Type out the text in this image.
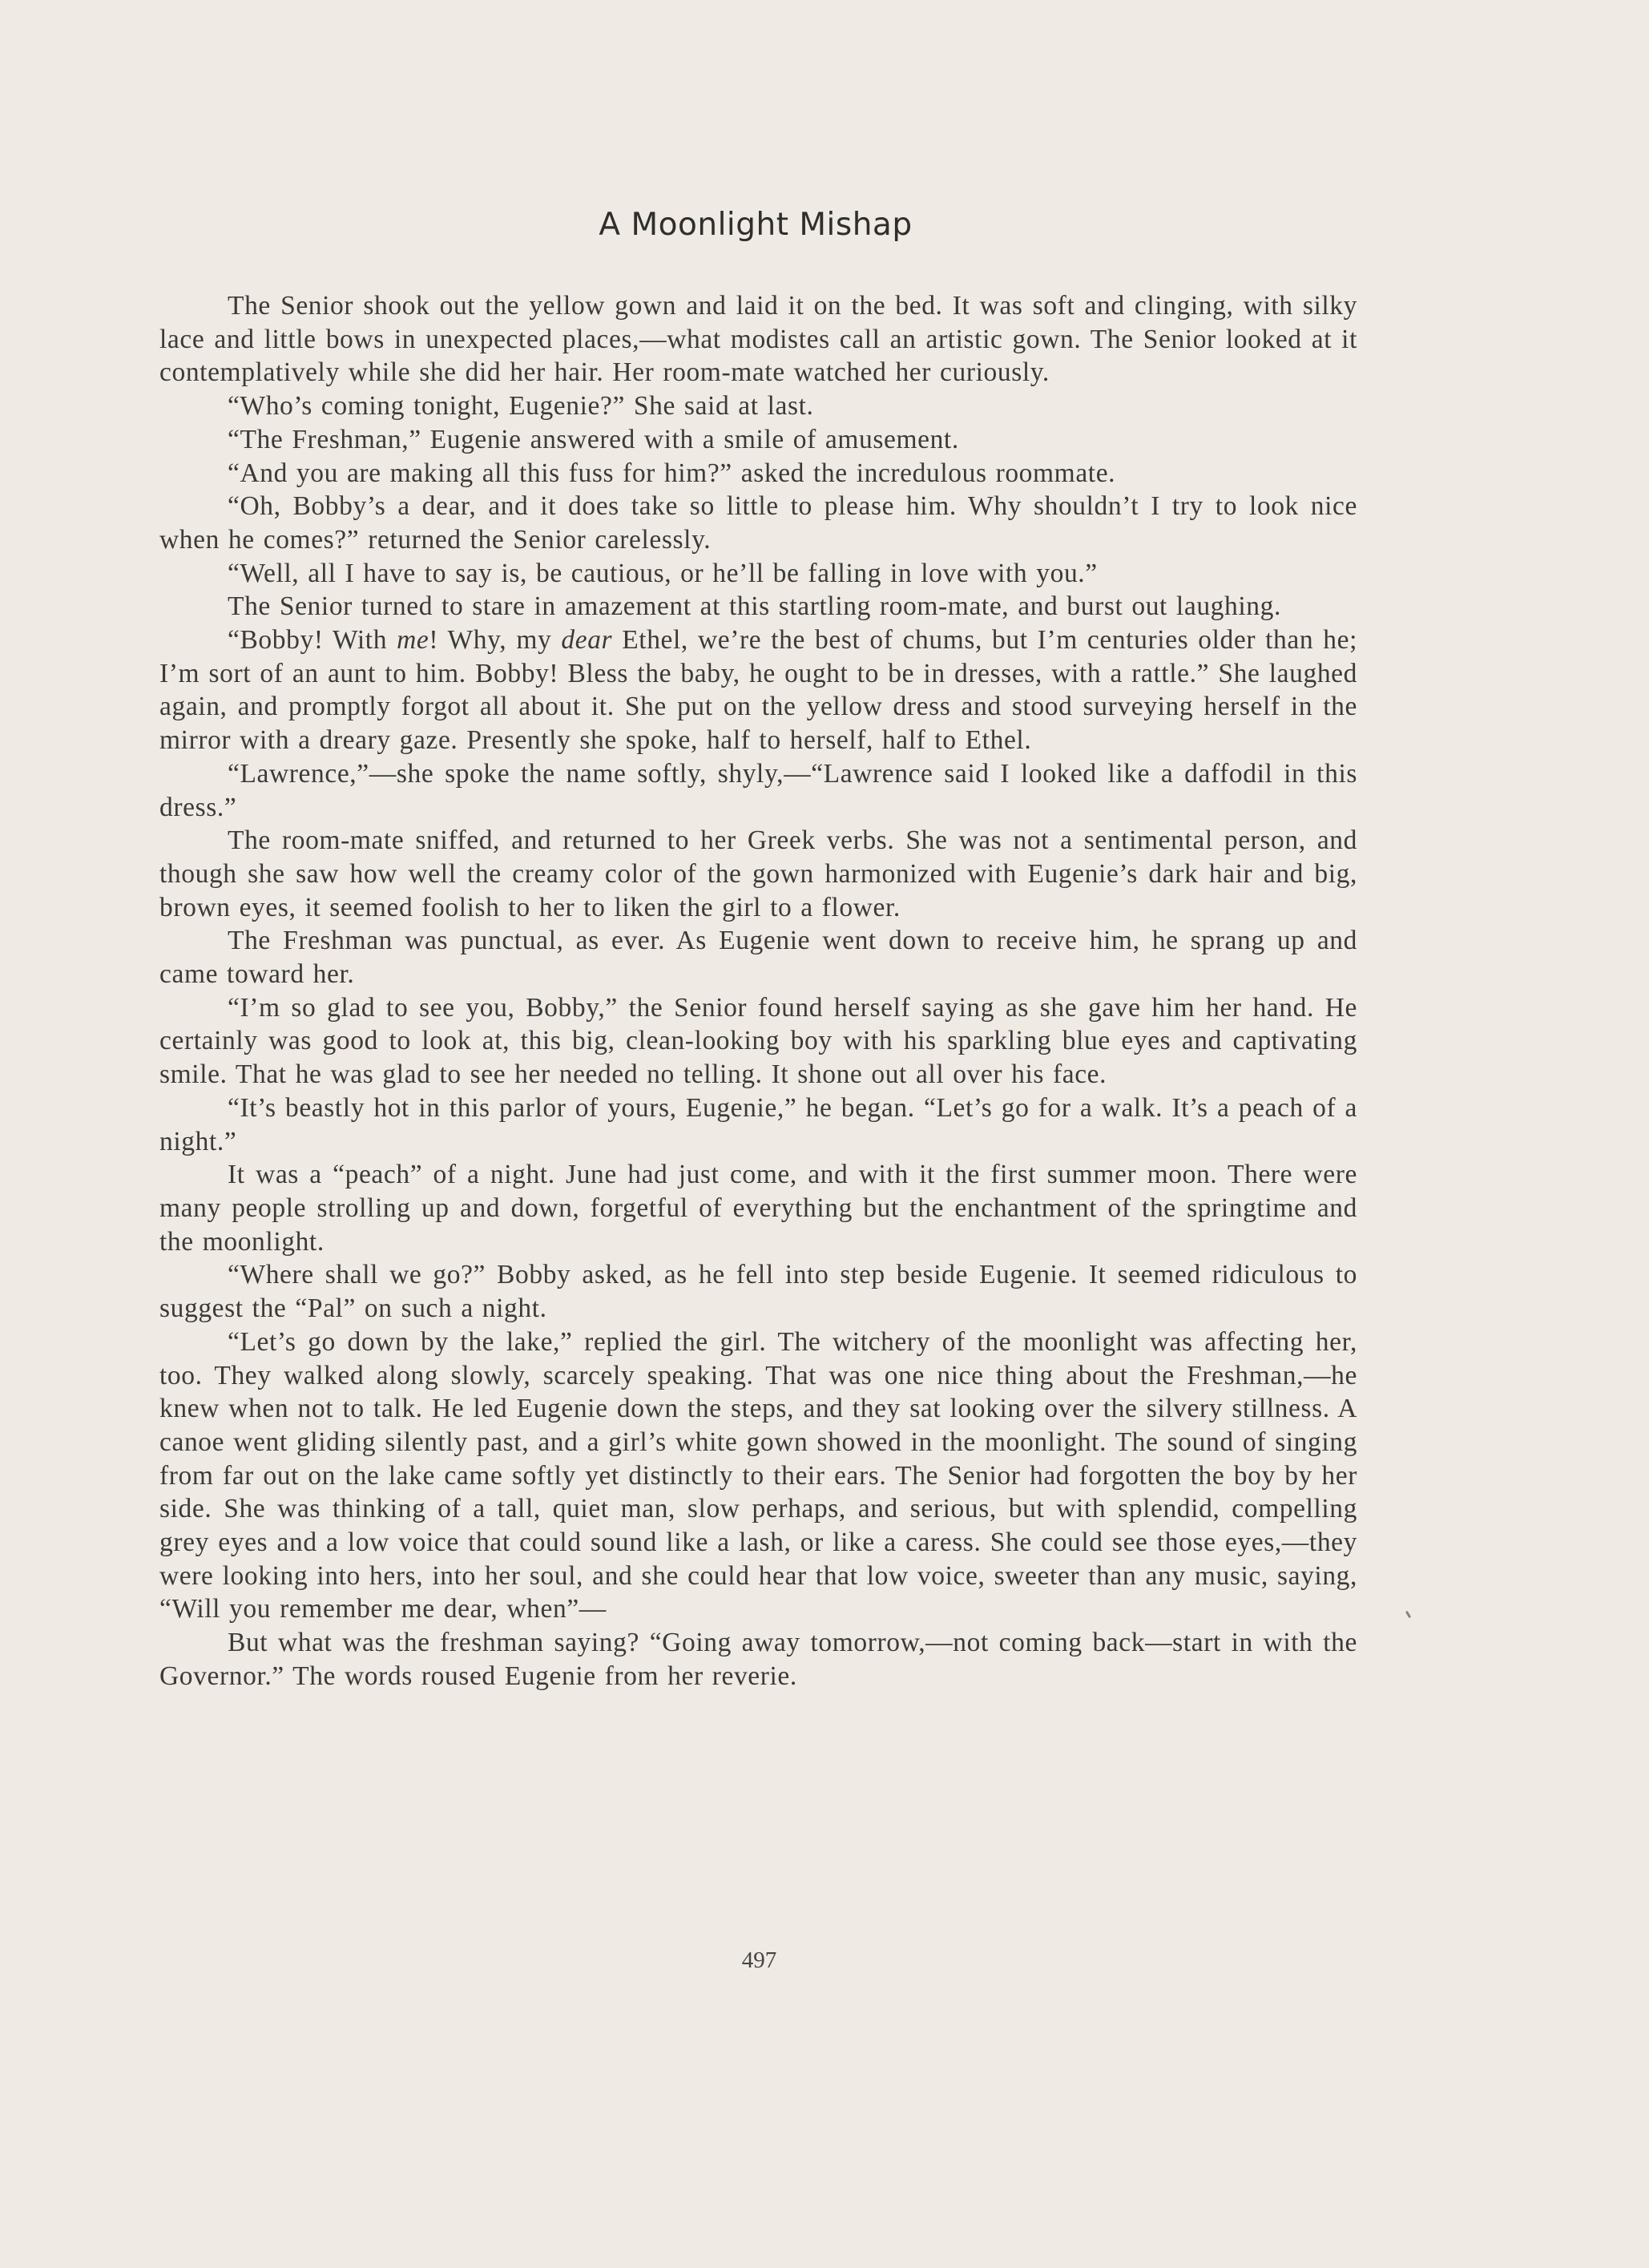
A Moonlight Mishap

The Senior shook out the yellow gown and laid it on the bed. It was soft and clinging, with silky lace and little bows in unexpected places,—what modistes call an artistic gown. The Senior looked at it contemplatively while she did her hair. Her room-mate watched her curiously.

“Who’s coming tonight, Eugenie?” She said at last.

“The Freshman,” Eugenie answered with a smile of amusement.

“And you are making all this fuss for him?” asked the incredulous roommate.

“Oh, Bobby’s a dear, and it does take so little to please him. Why shouldn’t I try to look nice when he comes?” returned the Senior carelessly.

“Well, all I have to say is, be cautious, or he’ll be falling in love with you.”

The Senior turned to stare in amazement at this startling room-mate, and burst out laughing.

“Bobby! With me! Why, my dear Ethel, we’re the best of chums, but I’m centuries older than he; I’m sort of an aunt to him. Bobby! Bless the baby, he ought to be in dresses, with a rattle.” She laughed again, and promptly forgot all about it. She put on the yellow dress and stood surveying herself in the mirror with a dreary gaze. Presently she spoke, half to herself, half to Ethel.

“Lawrence,”—she spoke the name softly, shyly,—“Lawrence said I looked like a daffodil in this dress.”

The room-mate sniffed, and returned to her Greek verbs. She was not a sentimental person, and though she saw how well the creamy color of the gown harmonized with Eugenie’s dark hair and big, brown eyes, it seemed foolish to her to liken the girl to a flower.

The Freshman was punctual, as ever. As Eugenie went down to receive him, he sprang up and came toward her.

“I’m so glad to see you, Bobby,” the Senior found herself saying as she gave him her hand. He certainly was good to look at, this big, clean-looking boy with his sparkling blue eyes and captivating smile. That he was glad to see her needed no telling. It shone out all over his face.

“It’s beastly hot in this parlor of yours, Eugenie,” he began. “Let’s go for a walk. It’s a peach of a night.”

It was a “peach” of a night. June had just come, and with it the first summer moon. There were many people strolling up and down, forgetful of everything but the enchantment of the springtime and the moonlight.

“Where shall we go?” Bobby asked, as he fell into step beside Eugenie. It seemed ridiculous to suggest the “Pal” on such a night.

“Let’s go down by the lake,” replied the girl. The witchery of the moonlight was affecting her, too. They walked along slowly, scarcely speaking. That was one nice thing about the Freshman,—he knew when not to talk. He led Eugenie down the steps, and they sat looking over the silvery stillness. A canoe went gliding silently past, and a girl’s white gown showed in the moonlight. The sound of singing from far out on the lake came softly yet distinctly to their ears. The Senior had forgotten the boy by her side. She was thinking of a tall, quiet man, slow perhaps, and serious, but with splendid, compelling grey eyes and a low voice that could sound like a lash, or like a caress. She could see those eyes,—they were looking into hers, into her soul, and she could hear that low voice, sweeter than any music, saying, “Will you remember me dear, when”—

But what was the freshman saying? “Going away tomorrow,—not coming back—start in with the Governor.” The words roused Eugenie from her reverie.

497
